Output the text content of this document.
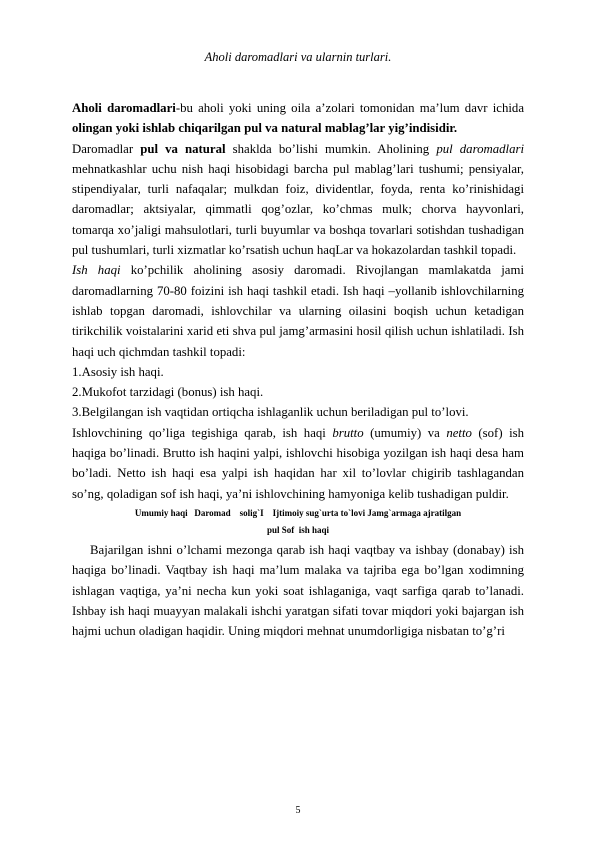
Aholi daromadlari va ularnin turlari.

Aholi daromadlari-bu aholi yoki uning oila a’zolari tomonidan ma’lum davr ichida olingan yoki ishlab chiqarilgan pul va natural mablag’lar yig’indisidir.

Daromadlar pul va natural shaklda bo’lishi mumkin. Aholining pul daromadlari mehnatkashlar uchu nish haqi hisobidagi barcha pul mablag’lari tushumi; pensiyalar, stipendiyalar, turli nafaqalar; mulkdan foiz, dividentlar, foyda, renta ko’rinishidagi daromadlar; aktsiyalar, qimmatli qog’ozlar, ko’chmas mulk; chorva hayvonlari, tomarqa xo’jaligi mahsulotlari, turli buyumlar va boshqa tovarlari sotishdan tushadigan pul tushumlari, turli xizmatlar ko’rsatish uchun haqLar va hokazolardan tashkil topadi.

Ish haqi ko’pchilik aholining asosiy daromadi. Rivojlangan mamlakatda jami daromadlarning 70-80 foizini ish haqi tashkil etadi. Ish haqi –yollanib ishlovchilarning ishlab topgan daromadi, ishlovchilar va ularning oilasini boqish uchun ketadigan tirikchilik voistalarini xarid eti shva pul jamg’armasini hosil qilish uchun ishlatiladi. Ish haqi uch qichmdan tashkil topadi:

1.Asosiy ish haqi.

2.Mukofot tarzidagi (bonus) ish haqi.

3.Belgilangan ish vaqtidan ortiqcha ishlaganlik uchun beriladigan pul to’lovi.

Ishlovchining qo’liga tegishiga qarab, ish haqi brutto (umumiy) va netto (sof) ish haqiga bo’linadi. Brutto ish haqini yalpi, ishlovchi hisobiga yozilgan ish haqi desa ham bo’ladi. Netto ish haqi esa yalpi ish haqidan har xil to’lovlar chigirib tashlagandan so’ng, qoladigan sof ish haqi, ya’ni ishlovchining hamyoniga kelib tushadigan puldir.

Umumiy haqi   Daromad    solig`I    Ijtimoiy sug`urta to`lovi Jamg`armaga ajratilgan

pul Sof  ish haqi

Bajarilgan ishni o’lchami mezonga qarab ish haqi vaqtbay va ishbay (donabay) ish haqiga bo’linadi. Vaqtbay ish haqi ma’lum malaka va tajriba ega bo’lgan xodimning ishlagan vaqtiga, ya’ni necha kun yoki soat ishlaganiga, vaqt sarfiga qarab to’lanadi. Ishbay ish haqi muayyan malakali ishchi yaratgan sifati tovar miqdori yoki bajargan ish hajmi uchun oladigan haqidir. Uning miqdori mehnat unumdorligiga nisbatan to’g’ri

5
